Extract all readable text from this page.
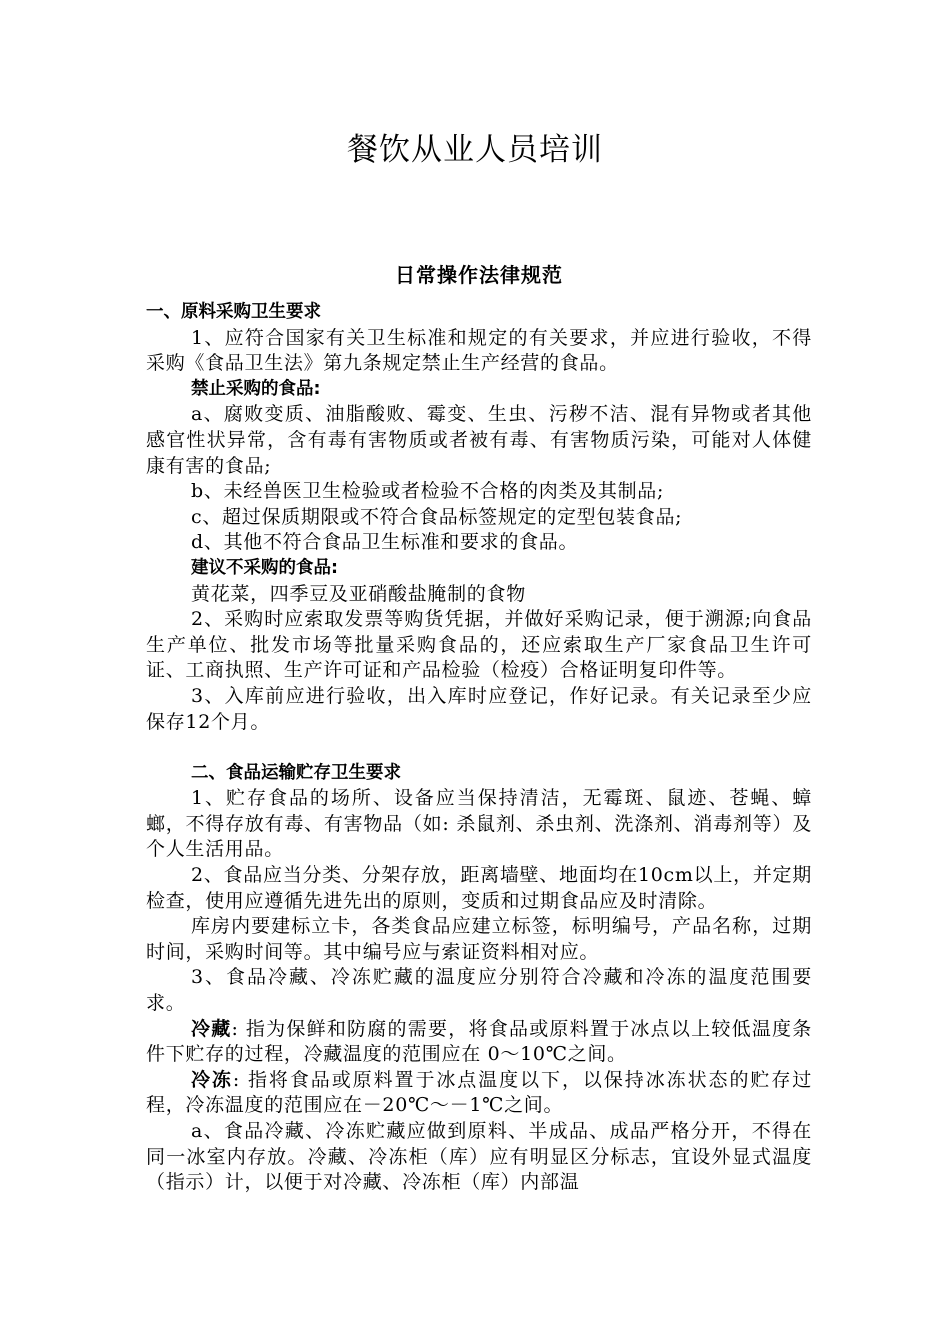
餐饮从业人员培训
日常操作法律规范
一、原料采购卫生要求

1、应符合国家有关卫生标准和规定的有关要求，并应进行验收，不得采购《食品卫生法》第九条规定禁止生产经营的食品。

禁止采购的食品:

a、腐败变质、油脂酸败、霉变、生虫、污秽不洁、混有异物或者其他感官性状异常，含有毒有害物质或者被有毒、有害物质污染，可能对人体健康有害的食品;

b、未经兽医卫生检验或者检验不合格的肉类及其制品;

c、超过保质期限或不符合食品标签规定的定型包装食品;

d、其他不符合食品卫生标准和要求的食品。

建议不采购的食品:

黄花菜，四季豆及亚硝酸盐腌制的食物

2、采购时应索取发票等购货凭据，并做好采购记录，便于溯源;向食品生产单位、批发市场等批量采购食品的，还应索取生产厂家食品卫生许可证、工商执照、生产许可证和产品检验（检疫）合格证明复印件等。

3、入库前应进行验收，出入库时应登记，作好记录。有关记录至少应保存12个月。

二、食品运输贮存卫生要求

1、贮存食品的场所、设备应当保持清洁，无霉斑、鼠迹、苍蝇、蟑螂，不得存放有毒、有害物品（如: 杀鼠剂、杀虫剂、洗涤剂、消毒剂等）及个人生活用品。

2、食品应当分类、分架存放，距离墙壁、地面均在10cm以上，并定期检查，使用应遵循先进先出的原则，变质和过期食品应及时清除。

库房内要建标立卡，各类食品应建立标签，标明编号，产品名称，过期时间，采购时间等。其中编号应与索证资料相对应。

3、食品冷藏、冷冻贮藏的温度应分别符合冷藏和冷冻的温度范围要求。

冷藏: 指为保鲜和防腐的需要，将食品或原料置于冰点以上较低温度条件下贮存的过程，冷藏温度的范围应在 0～10℃之间。

冷冻: 指将食品或原料置于冰点温度以下，以保持冰冻状态的贮存过程，冷冻温度的范围应在－20℃～－1℃之间。

a、食品冷藏、冷冻贮藏应做到原料、半成品、成品严格分开，不得在同一冰室内存放。冷藏、冷冻柜（库）应有明显区分标志，宜设外显式温度（指示）计，以便于对冷藏、冷冻柜（库）内部温
